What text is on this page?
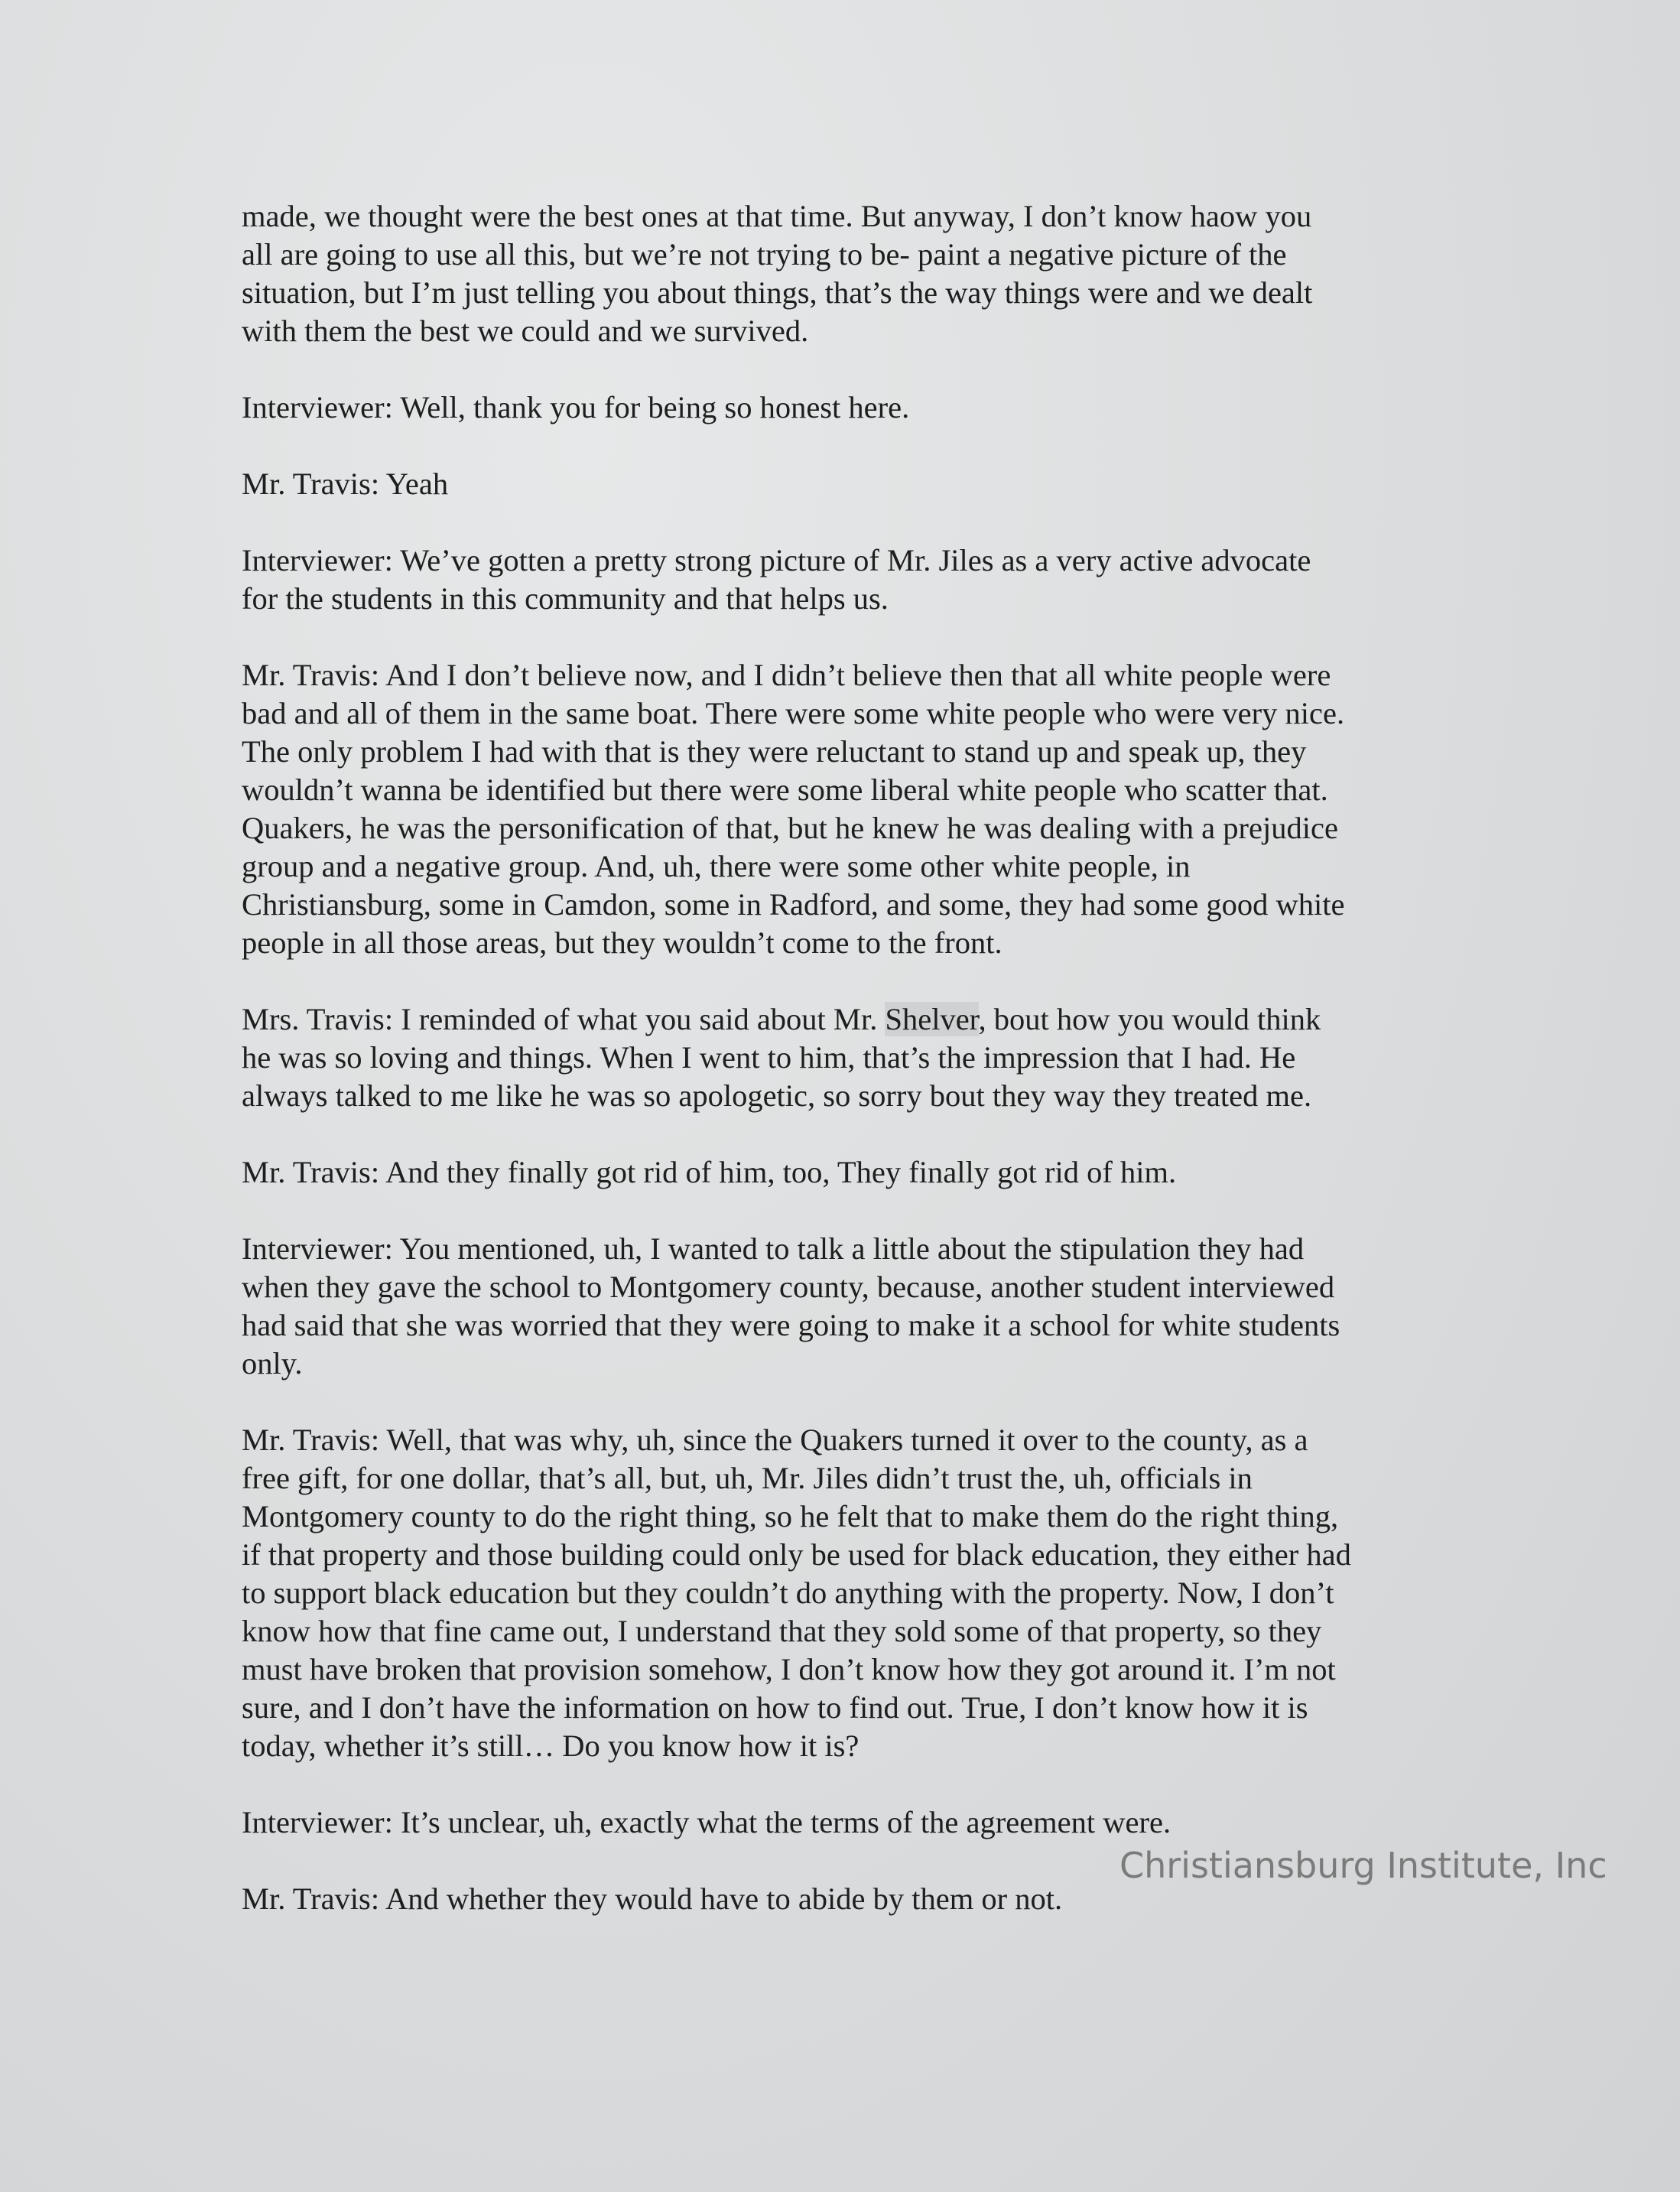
made, we thought were the best ones at that time. But anyway, I don’t know haow you
all are going to use all this, but we’re not trying to be- paint a negative picture of the
situation, but I’m just telling you about things, that’s the way things were and we dealt
with them the best we could and we survived.

Interviewer: Well, thank you for being so honest here.

Mr. Travis: Yeah

Interviewer: We’ve gotten a pretty strong picture of Mr. Jiles as a very active advocate
for the students in this community and that helps us.

Mr. Travis: And I don’t believe now, and I didn’t believe then that all white people were
bad and all of them in the same boat. There were some white people who were very nice.
The only problem I had with that is they were reluctant to stand up and speak up, they
wouldn’t wanna be identified but there were some liberal white people who scatter that.
Quakers, he was the personification of that, but he knew he was dealing with a prejudice
group and a negative group. And, uh, there were some other white people, in
Christiansburg, some in Camdon, some in Radford, and some, they had some good white
people in all those areas, but they wouldn’t come to the front.

Mrs. Travis: I reminded of what you said about Mr. Shelver, bout how you would think
he was so loving and things. When I went to him, that’s the impression that I had. He
always talked to me like he was so apologetic, so sorry bout they way they treated me.

Mr. Travis: And they finally got rid of him, too, They finally got rid of him.

Interviewer: You mentioned, uh, I wanted to talk a little about the stipulation they had
when they gave the school to Montgomery county, because, another student interviewed
had said that she was worried that they were going to make it a school for white students
only.

Mr. Travis: Well, that was why, uh, since the Quakers turned it over to the county, as a
free gift, for one dollar, that’s all, but, uh, Mr. Jiles didn’t trust the, uh, officials in
Montgomery county to do the right thing, so he felt that to make them do the right thing,
if that property and those building could only be used for black education, they either had
to support black education but they couldn’t do anything with the property. Now, I don’t
know how that fine came out, I understand that they sold some of that property, so they
must have broken that provision somehow, I don’t know how they got around it. I’m not
sure, and I don’t have the information on how to find out. True, I don’t know how it is
today, whether it’s still… Do you know how it is?

Interviewer: It’s unclear, uh, exactly what the terms of the agreement were.

Mr. Travis: And whether they would have to abide by them or not.

Christiansburg Institute, Inc
